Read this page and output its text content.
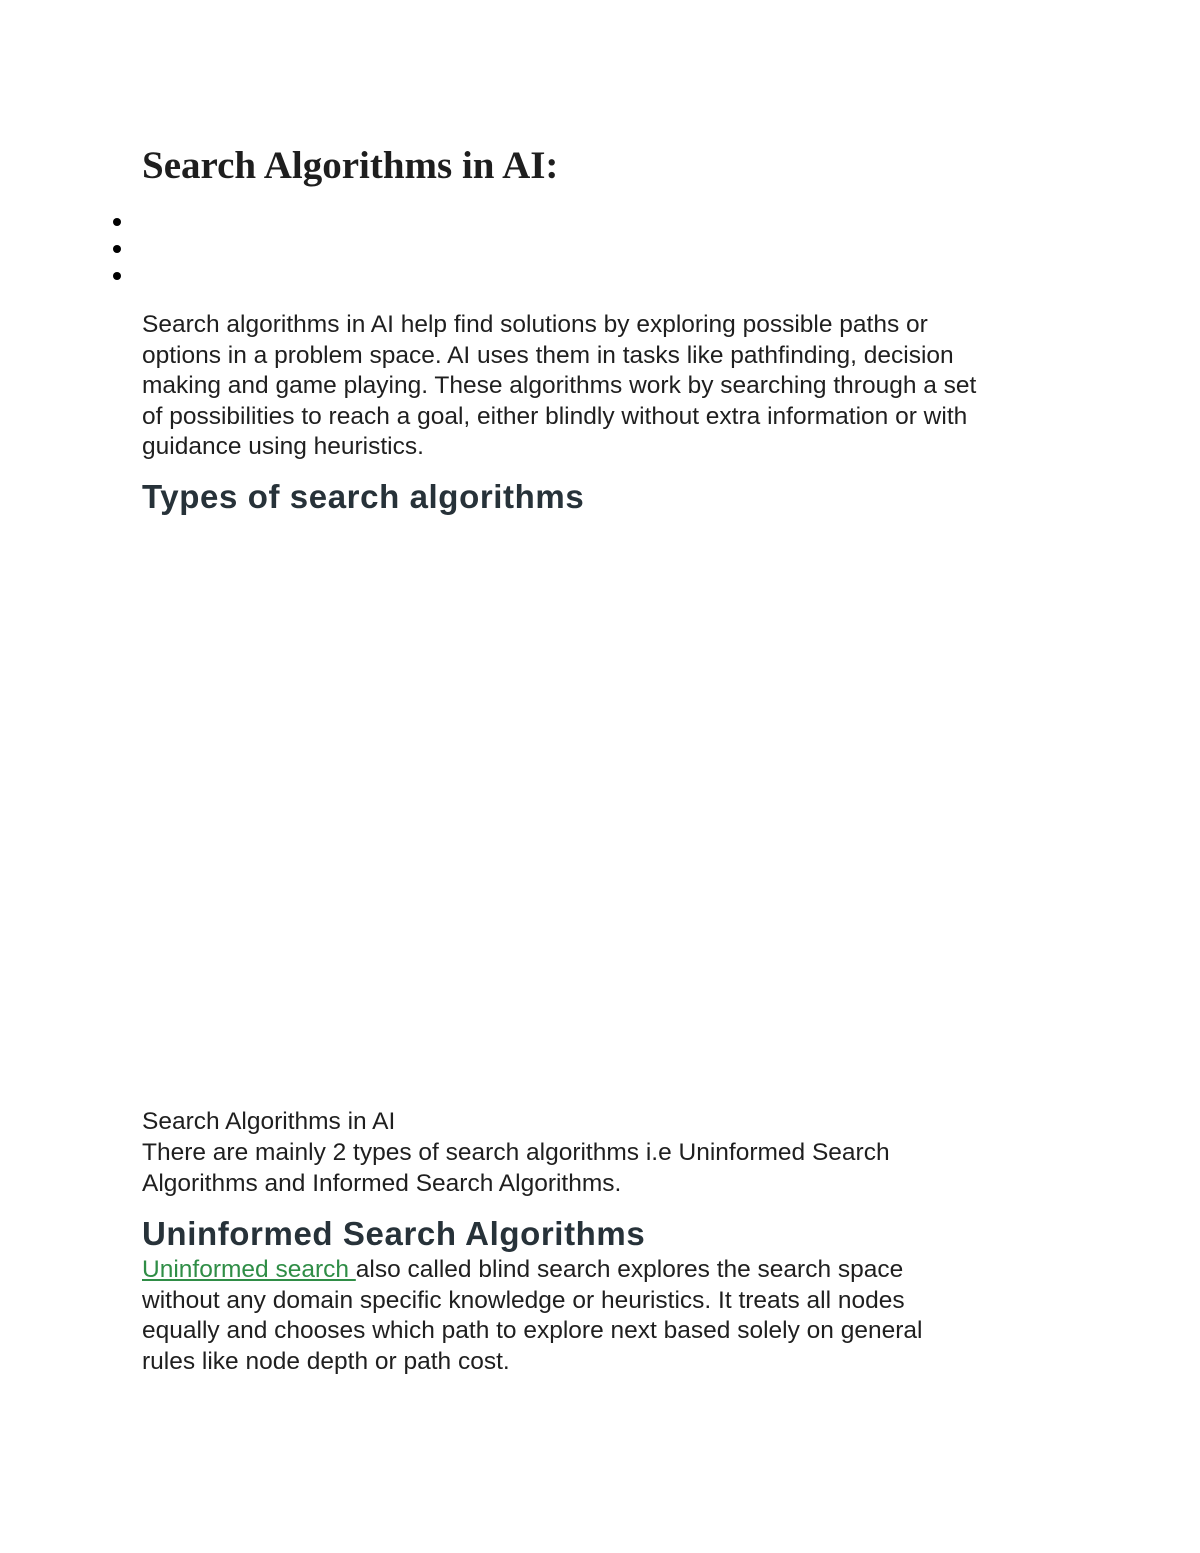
Search Algorithms in AI:

Search algorithms in AI help find solutions by exploring possible paths or
options in a problem space. AI uses them in tasks like pathfinding, decision
making and game playing. These algorithms work by searching through a set
of possibilities to reach a goal, either blindly without extra information or with
guidance using heuristics.

Types of search algorithms

Search Algorithms in AI

There are mainly 2 types of search algorithms i.e Uninformed Search
Algorithms and Informed Search Algorithms.

Uninformed Search Algorithms

Uninformed search also called blind search explores the search space
without any domain specific knowledge or heuristics. It treats all nodes
equally and chooses which path to explore next based solely on general
rules like node depth or path cost.
